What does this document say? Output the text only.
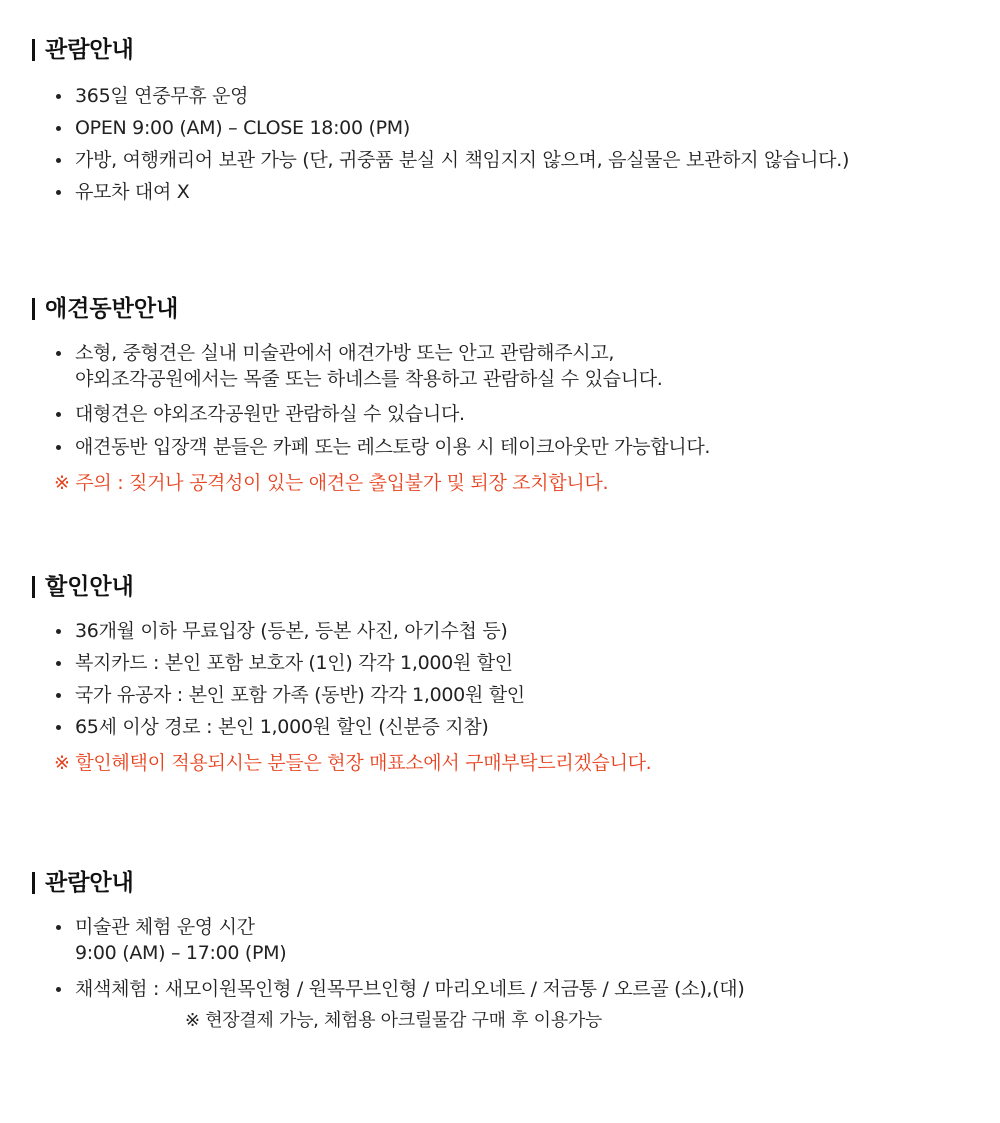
관람안내
365일 연중무휴 운영
OPEN 9:00 (AM) – CLOSE 18:00 (PM)
가방, 여행캐리어 보관 가능 (단, 귀중품 분실 시 책임지지 않으며, 음실물은 보관하지 않습니다.)
유모차 대여 X
애견동반안내
소형, 중형견은 실내 미술관에서 애견가방 또는 안고 관람해주시고,
야외조각공원에서는 목줄 또는 하네스를 착용하고 관람하실 수 있습니다.
대형견은 야외조각공원만 관람하실 수 있습니다.
애견동반 입장객 분들은 카페 또는 레스토랑 이용 시 테이크아웃만 가능합니다.
※ 주의 : 짖거나 공격성이 있는 애견은 출입불가 및 퇴장 조치합니다.
할인안내
36개월 이하 무료입장 (등본, 등본 사진, 아기수첩 등)
복지카드 : 본인 포함 보호자 (1인) 각각 1,000원 할인
국가 유공자 : 본인 포함 가족 (동반) 각각 1,000원 할인
65세 이상 경로 : 본인 1,000원 할인 (신분증 지참)
※ 할인혜택이 적용되시는 분들은 현장 매표소에서 구매부탁드리겠습니다.
관람안내
미술관 체험 운영 시간
9:00 (AM) – 17:00 (PM)
채색체험 : 새모이원목인형 / 원목무브인형 / 마리오네트 / 저금통 / 오르골 (소),(대)
※ 현장결제 가능, 체험용 아크릴물감 구매 후 이용가능
